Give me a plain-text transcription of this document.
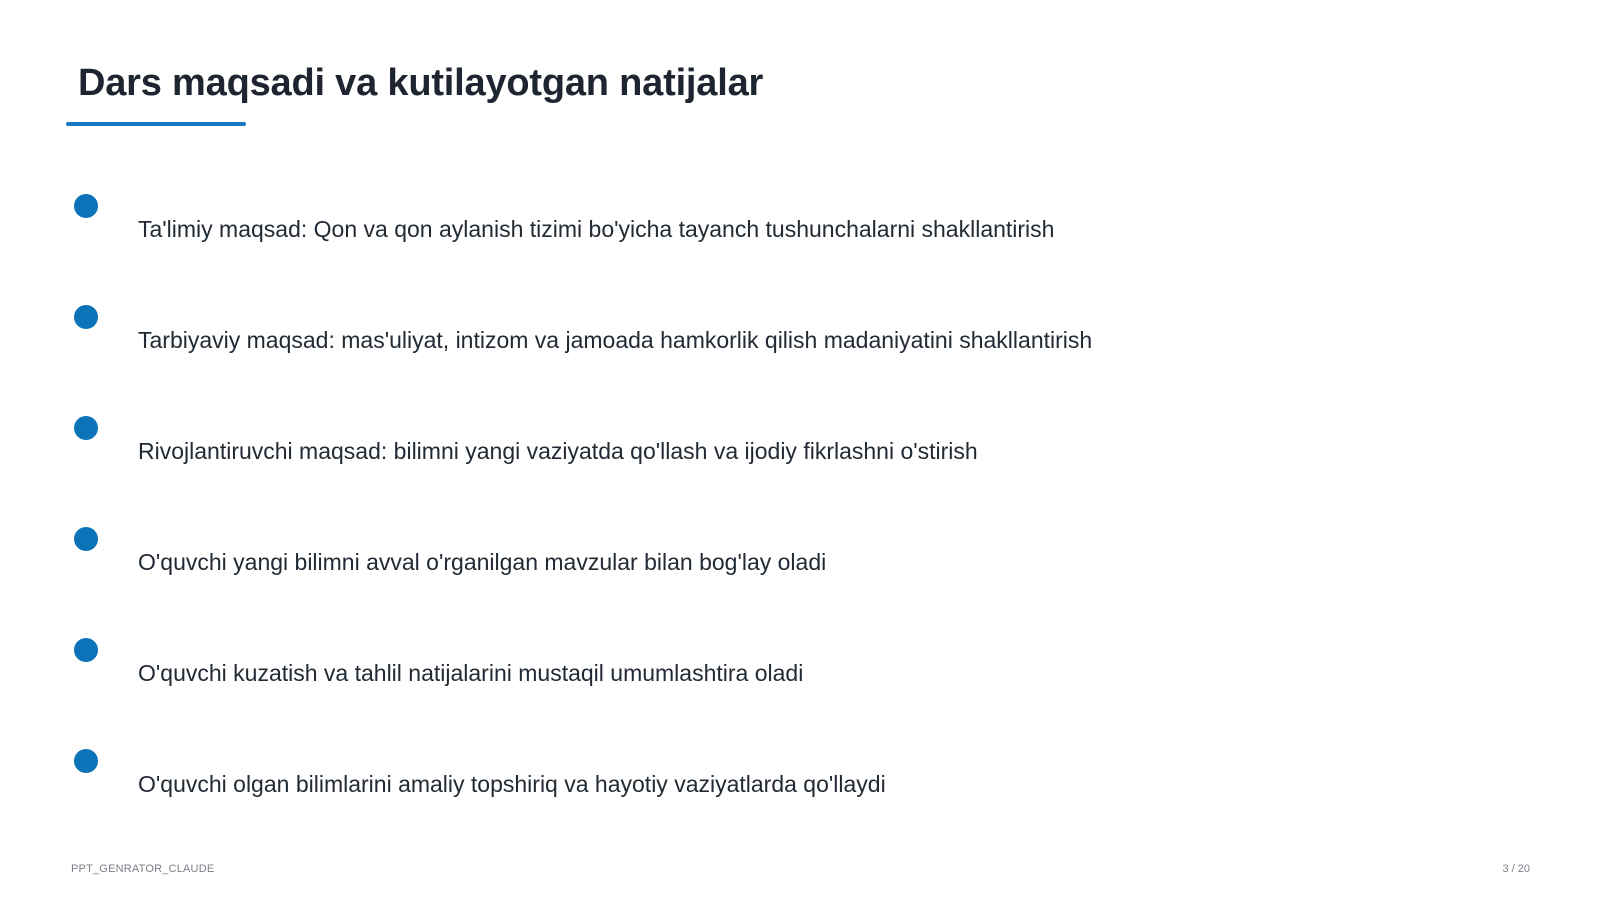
Dars maqsadi va kutilayotgan natijalar
Ta'limiy maqsad: Qon va qon aylanish tizimi bo'yicha tayanch tushunchalarni shakllantirish
Tarbiyaviy maqsad: mas'uliyat, intizom va jamoada hamkorlik qilish madaniyatini shakllantirish
Rivojlantiruvchi maqsad: bilimni yangi vaziyatda qo'llash va ijodiy fikrlashni o'stirish
O'quvchi yangi bilimni avval o'rganilgan mavzular bilan bog'lay oladi
O'quvchi kuzatish va tahlil natijalarini mustaqil umumlashtira oladi
O'quvchi olgan bilimlarini amaliy topshiriq va hayotiy vaziyatlarda qo'llaydi
PPT_GENRATOR_CLAUDE	3 / 20
